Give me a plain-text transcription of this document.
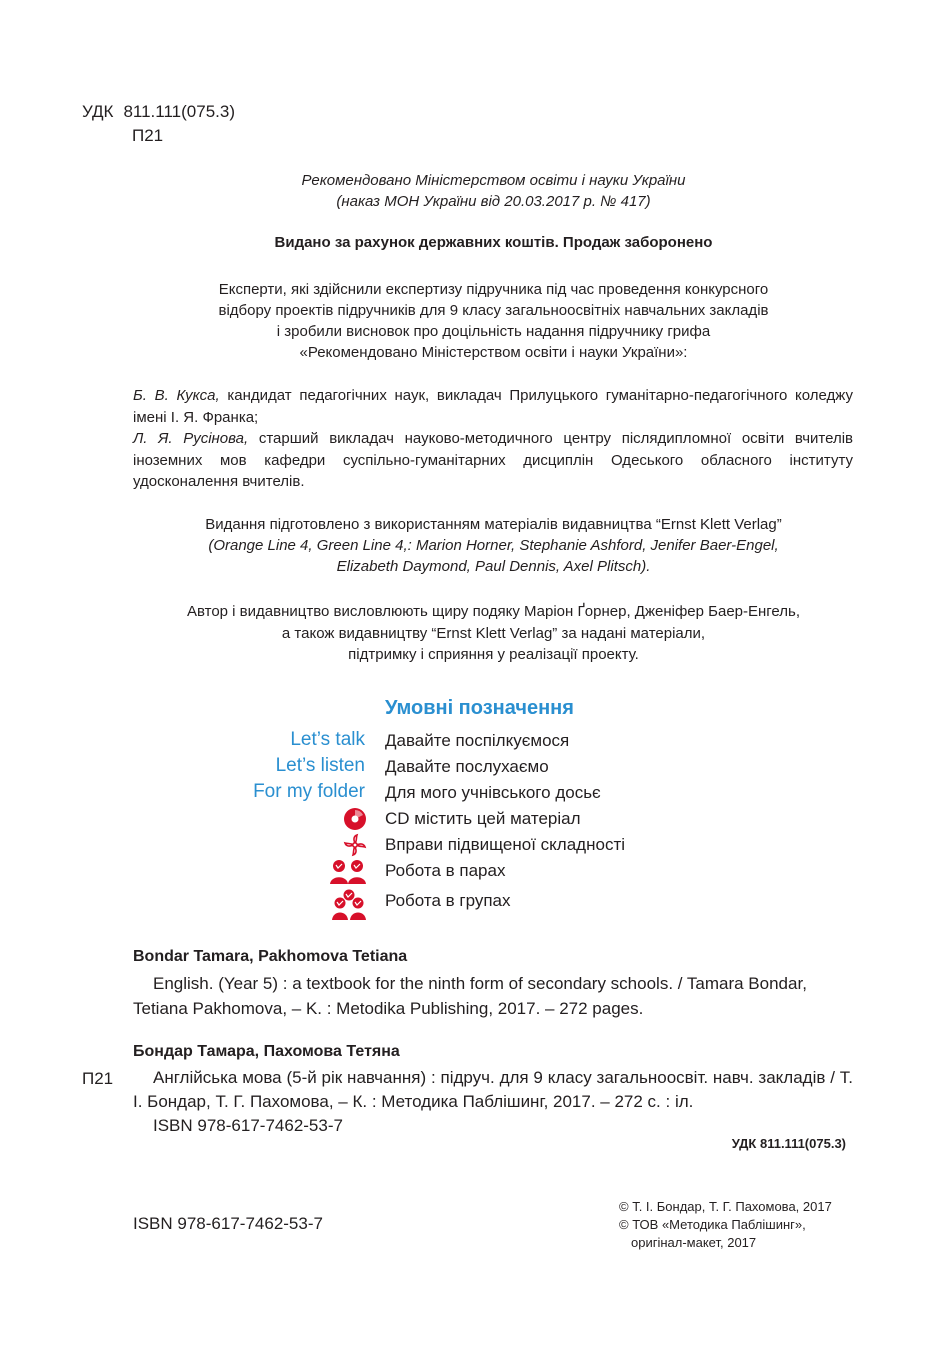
УДК 811.111(075.3)
П21
Рекомендовано Міністерством освіти і науки України
(наказ МОН України від 20.03.2017 р. № 417)
Видано за рахунок державних коштів. Продаж заборонено
Експерти, які здійснили експертизу підручника під час проведення конкурсного
відбору проектів підручників для 9 класу загальноосвітніх навчальних закладів
і зробили висновок про доцільність надання підручнику грифа
«Рекомендовано Міністерством освіти і науки України»:
Б. В. Кукса, кандидат педагогічних наук, викладач Прилуцького гуманітарно-педагогічного коледжу імені І. Я. Франка;
Л. Я. Русінова, старший викладач науково-методичного центру післядипломної освіти вчителів іноземних мов кафедри суспільно-гуманітарних дисциплін Одеського обласного інституту удосконалення вчителів.
Видання підготовлено з використанням матеріалів видавництва “Ernst Klett Verlag”
(Orange Line 4, Green Line 4,: Marion Horner, Stephanie Ashford, Jenifer Baer-Engel,
Elizabeth Daymond, Paul Dennis, Axel Plitsch).
Автор і видавництво висловлюють щиру подяку Маріон Ґорнер, Дженіфер Баер-Енгель,
а також видавництву “Ernst Klett Verlag” за надані матеріали,
підтримку і сприяння у реалізації проекту.
Умовні позначення
Let’s talk Давайте поспілкуємося
Let’s listen Давайте послухаємо
For my folder Для мого учнівського досьє
CD містить цей матеріал
Вправи підвищеної складності
Робота в парах
Робота в групах
Bondar Tamara, Pakhomova Tetiana
English. (Year 5) : a textbook for the ninth form of secondary schools. / Tamara Bondar, Tetiana Pakhomova, – K. : Metodika Publishing, 2017. – 272 pages.
Бондар Тамара, Пахомова Тетяна
П21	Англійська мова (5-й рік навчання) : підруч. для 9 класу загальноосвіт. навч. закладів / Т. І. Бондар, Т. Г. Пахомова, – К. : Методика Паблішинг, 2017. – 272 с. : іл.
ISBN 978-617-7462-53-7
УДК 811.111(075.3)
ISBN 978-617-7462-53-7
© Т. І. Бондар, Т. Г. Пахомова, 2017
© ТОВ «Методика Паблішинг»,
оригінал-макет, 2017
